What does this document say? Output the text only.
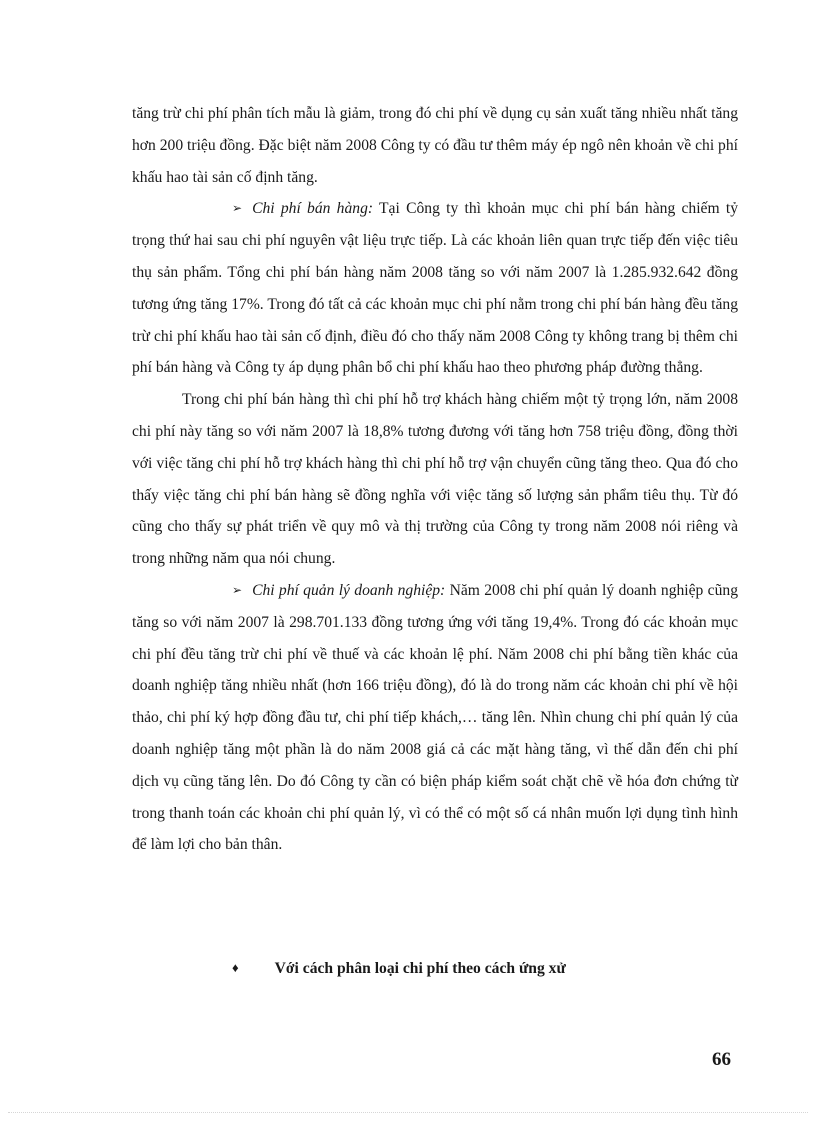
tăng trừ chi phí phân tích mẫu là giảm, trong đó chi phí về dụng cụ sản xuất tăng nhiều nhất tăng hơn 200 triệu đồng. Đặc biệt năm 2008 Công ty có đầu tư thêm máy ép ngô nên khoản về chi phí khấu hao tài sản cố định tăng.

➢ Chi phí bán hàng: Tại Công ty thì khoản mục chi phí bán hàng chiếm tỷ trọng thứ hai sau chi phí nguyên vật liệu trực tiếp. Là các khoản liên quan trực tiếp đến việc tiêu thụ sản phẩm. Tổng chi phí bán hàng năm 2008 tăng so với năm 2007 là 1.285.932.642 đồng tương ứng tăng 17%. Trong đó tất cả các khoản mục chi phí nằm trong chi phí bán hàng đều tăng trừ chi phí khấu hao tài sản cố định, điều đó cho thấy năm 2008 Công ty không trang bị thêm chi phí bán hàng và Công ty áp dụng phân bổ chi phí khấu hao theo phương pháp đường thẳng.

Trong chi phí bán hàng thì chi phí hỗ trợ khách hàng chiếm một tỷ trọng lớn, năm 2008 chi phí này tăng so với năm 2007 là 18,8% tương đương với tăng hơn 758 triệu đồng, đồng thời với việc tăng chi phí hỗ trợ khách hàng thì chi phí hỗ trợ vận chuyển cũng tăng theo. Qua đó cho thấy việc tăng chi phí bán hàng sẽ đồng nghĩa với việc tăng số lượng sản phẩm tiêu thụ. Từ đó cũng cho thấy sự phát triển về quy mô và thị trường của Công ty trong năm 2008 nói riêng và trong những năm qua nói chung.

➢ Chi phí quản lý doanh nghiệp: Năm 2008 chi phí quản lý doanh nghiệp cũng tăng so với năm 2007 là 298.701.133 đồng tương ứng với tăng 19,4%. Trong đó các khoản mục chi phí đều tăng trừ chi phí về thuế và các khoản lệ phí. Năm 2008 chi phí bằng tiền khác của doanh nghiệp tăng nhiều nhất (hơn 166 triệu đồng), đó là do trong năm các khoản chi phí về hội thảo, chi phí ký hợp đồng đầu tư, chi phí tiếp khách,… tăng lên. Nhìn chung chi phí quản lý của doanh nghiệp tăng một phần là do năm 2008 giá cả các mặt hàng tăng, vì thế dẫn đến chi phí dịch vụ cũng tăng lên. Do đó Công ty cần có biện pháp kiểm soát chặt chẽ về hóa đơn chứng từ trong thanh toán các khoản chi phí quản lý, vì có thể có một số cá nhân muốn lợi dụng tình hình để làm lợi cho bản thân.

♦ Với cách phân loại chi phí theo cách ứng xử
66
